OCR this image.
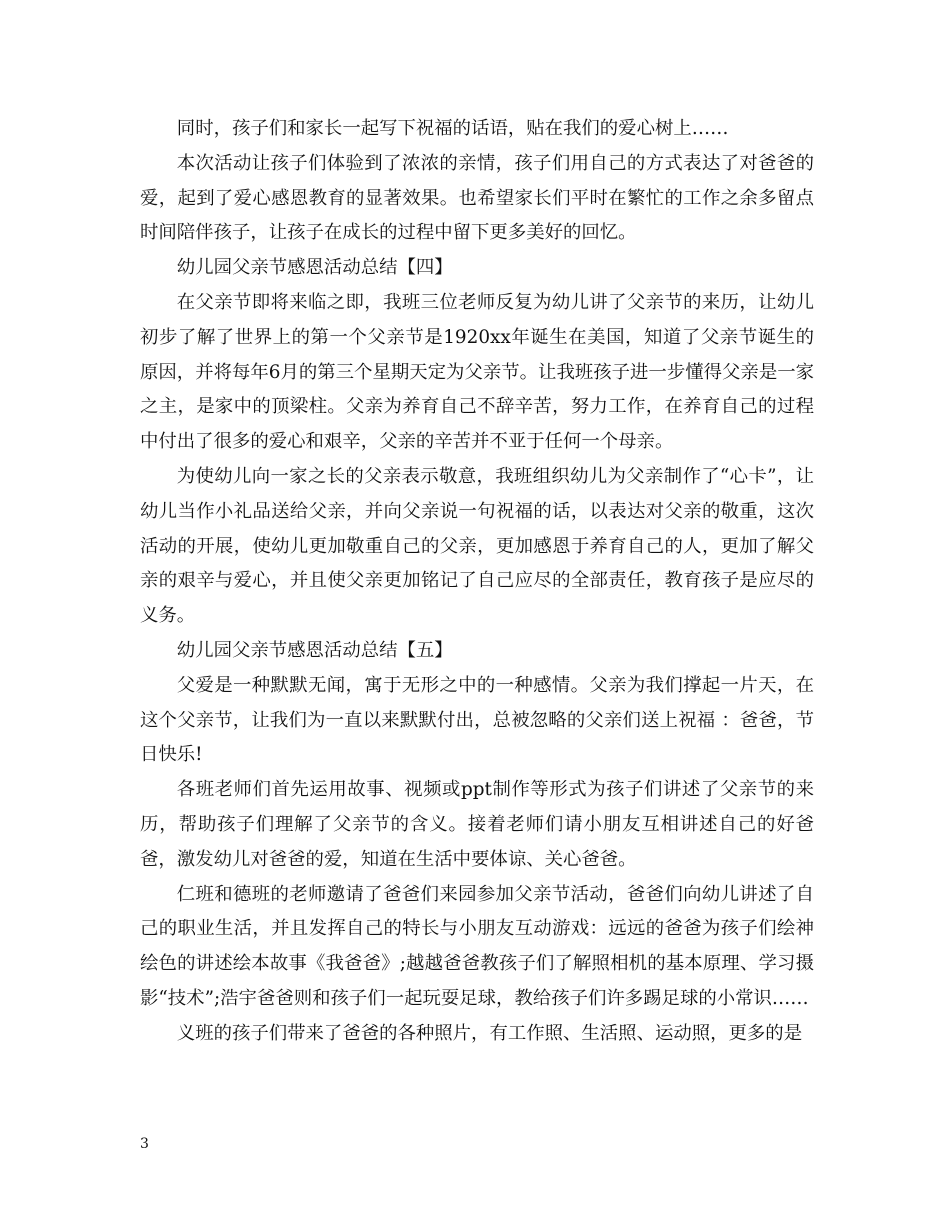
同时，孩子们和家长一起写下祝福的话语，贴在我们的爱心树上……

本次活动让孩子们体验到了浓浓的亲情，孩子们用自己的方式表达了对爸爸的爱，起到了爱心感恩教育的显著效果。也希望家长们平时在繁忙的工作之余多留点时间陪伴孩子，让孩子在成长的过程中留下更多美好的回忆。

幼儿园父亲节感恩活动总结【四】

在父亲节即将来临之即，我班三位老师反复为幼儿讲了父亲节的来历，让幼儿初步了解了世界上的第一个父亲节是1920xx年诞生在美国，知道了父亲节诞生的原因，并将每年6月的第三个星期天定为父亲节。让我班孩子进一步懂得父亲是一家之主，是家中的顶梁柱。父亲为养育自己不辞辛苦，努力工作，在养育自己的过程中付出了很多的爱心和艰辛，父亲的辛苦并不亚于任何一个母亲。

为使幼儿向一家之长的父亲表示敬意，我班组织幼儿为父亲制作了“心卡”，让幼儿当作小礼品送给父亲，并向父亲说一句祝福的话，以表达对父亲的敬重，这次活动的开展，使幼儿更加敬重自己的父亲，更加感恩于养育自己的人，更加了解父亲的艰辛与爱心，并且使父亲更加铭记了自己应尽的全部责任，教育孩子是应尽的义务。

幼儿园父亲节感恩活动总结【五】

父爱是一种默默无闻，寓于无形之中的一种感情。父亲为我们撑起一片天，在这个父亲节，让我们为一直以来默默付出，总被忽略的父亲们送上祝福 ：爸爸，节日快乐!

各班老师们首先运用故事、视频或ppt制作等形式为孩子们讲述了父亲节的来历，帮助孩子们理解了父亲节的含义。接着老师们请小朋友互相讲述自己的好爸爸，激发幼儿对爸爸的爱，知道在生活中要体谅、关心爸爸。

仁班和德班的老师邀请了爸爸们来园参加父亲节活动，爸爸们向幼儿讲述了自己的职业生活，并且发挥自己的特长与小朋友互动游戏：远远的爸爸为孩子们绘神绘色的讲述绘本故事《我爸爸》;越越爸爸教孩子们了解照相机的基本原理、学习摄影“技术”;浩宇爸爸则和孩子们一起玩耍足球，教给孩子们许多踢足球的小常识……

义班的孩子们带来了爸爸的各种照片，有工作照、生活照、运动照，更多的是

3
